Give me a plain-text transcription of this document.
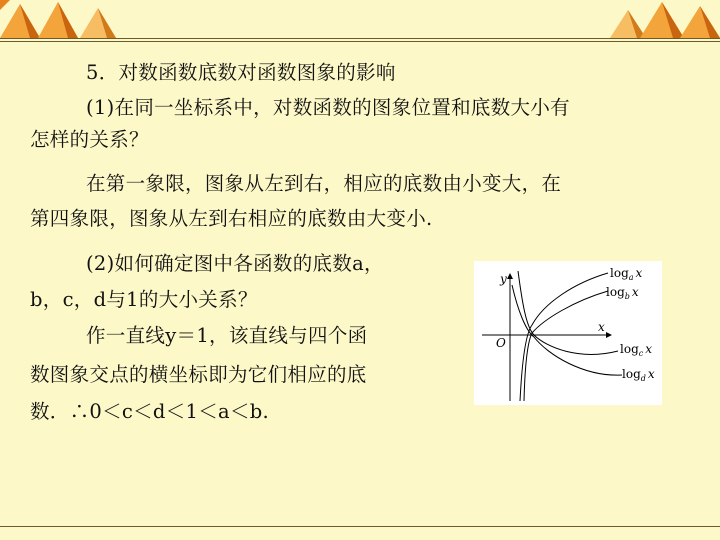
5．对数函数底数对函数图象的影响
(1)在同一坐标系中，对数函数的图象位置和底数大小有
怎样的关系？
在第一象限，图象从左到右，相应的底数由小变大，在
第四象限，图象从左到右相应的底数由大变小.
(2)如何确定图中各函数的底数a，
b，c，d与1的大小关系？
作一直线y＝1，该直线与四个函
数图象交点的横坐标即为它们相应的底
数．∴0＜c＜d＜1＜a＜b.
y
x
O
$\log_a x$
$\log_b x$
$\log_c x$
$\log_d x$
